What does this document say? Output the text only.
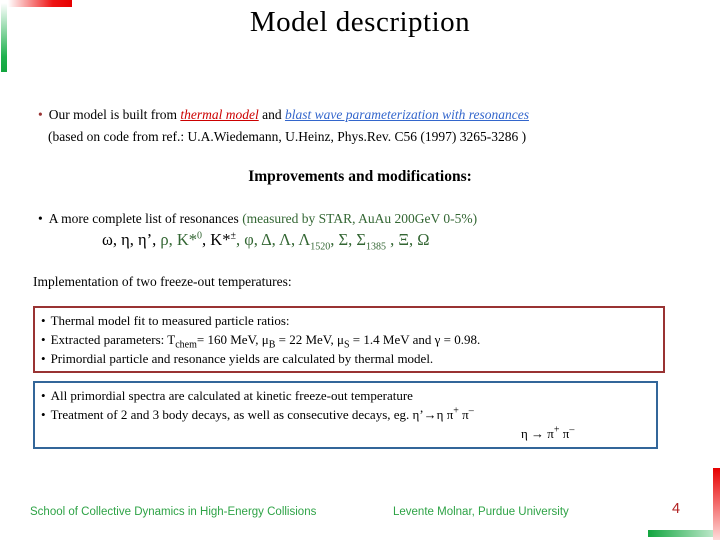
Model description
• Our model is built from thermal model and blast wave parameterization with resonances
(based on code from ref.: U.A.Wiedemann, U.Heinz, Phys.Rev. C56 (1997) 3265-3286 )
Improvements and modifications:
• A more complete list of resonances (measured by STAR, AuAu 200GeV 0-5%)
ω, η, η’, ρ, K*$^0$, K*±, φ, Δ, Λ, $\Lambda_{1520}$, Σ, $\Sigma_{1385}$ , Ξ, Ω
Implementation of two freeze-out temperatures:
• Thermal model fit to measured particle ratios:
• Extracted parameters: $T_{chem}= 160$ MeV, $\mu_B = 22$ MeV, $\mu_S = 1.4$ MeV and γ = 0.98.
• Primordial particle and resonance yields are calculated by thermal model.
• All primordial spectra are calculated at kinetic freeze-out temperature
• Treatment of 2 and 3 body decays, as well as consecutive decays, eg. η’→η π+ π–
η → π+ π–
School of Collective Dynamics in High-Energy Collisions	Levente Molnar, Purdue University	4
